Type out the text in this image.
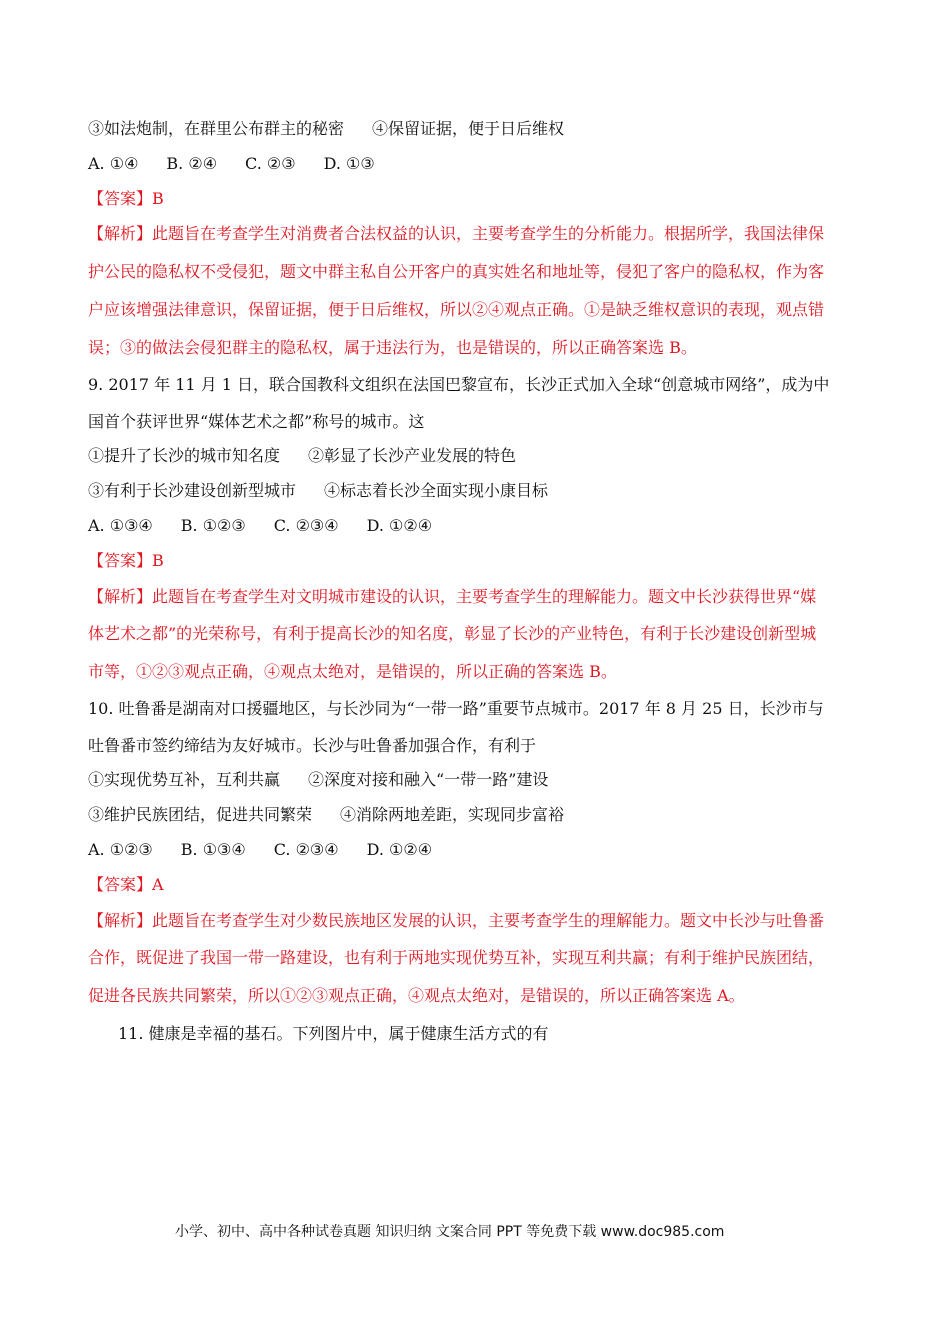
③如法炮制，在群里公布群主的秘密 ④保留证据，便于日后维权
A. ①④ B. ②④ C. ②③ D. ①③
【答案】B
【解析】此题旨在考查学生对消费者合法权益的认识，主要考查学生的分析能力。根据所学，我国法律保
护公民的隐私权不受侵犯，题文中群主私自公开客户的真实姓名和地址等，侵犯了客户的隐私权，作为客
户应该增强法律意识，保留证据，便于日后维权，所以②④观点正确。①是缺乏维权意识的表现，观点错
误；③的做法会侵犯群主的隐私权，属于违法行为，也是错误的，所以正确答案选 B。
9. 2017 年 11 月 1 日，联合国教科文组织在法国巴黎宣布，长沙正式加入全球“创意城市网络”，成为中
国首个获评世界“媒体艺术之都”称号的城市。这
①提升了长沙的城市知名度 ②彰显了长沙产业发展的特色
③有利于长沙建设创新型城市 ④标志着长沙全面实现小康目标
A. ①③④ B. ①②③ C. ②③④ D. ①②④
【答案】B
【解析】此题旨在考查学生对文明城市建设的认识，主要考查学生的理解能力。题文中长沙获得世界“媒
体艺术之都”的光荣称号，有利于提高长沙的知名度，彰显了长沙的产业特色，有利于长沙建设创新型城
市等，①②③观点正确，④观点太绝对，是错误的，所以正确的答案选 B。
10. 吐鲁番是湖南对口援疆地区，与长沙同为“一带一路”重要节点城市。2017 年 8 月 25 日，长沙市与
吐鲁番市签约缔结为友好城市。长沙与吐鲁番加强合作，有利于
①实现优势互补，互利共赢 ②深度对接和融入“一带一路”建设
③维护民族团结，促进共同繁荣 ④消除两地差距，实现同步富裕
A. ①②③ B. ①③④ C. ②③④ D. ①②④
【答案】A
【解析】此题旨在考查学生对少数民族地区发展的认识，主要考查学生的理解能力。题文中长沙与吐鲁番
合作，既促进了我国一带一路建设，也有利于两地实现优势互补，实现互利共赢；有利于维护民族团结，
促进各民族共同繁荣，所以①②③观点正确，④观点太绝对，是错误的，所以正确答案选 A。
11. 健康是幸福的基石。下列图片中，属于健康生活方式的有
小学、初中、高中各种试卷真题 知识归纳 文案合同 PPT 等免费下载 www.doc985.com
